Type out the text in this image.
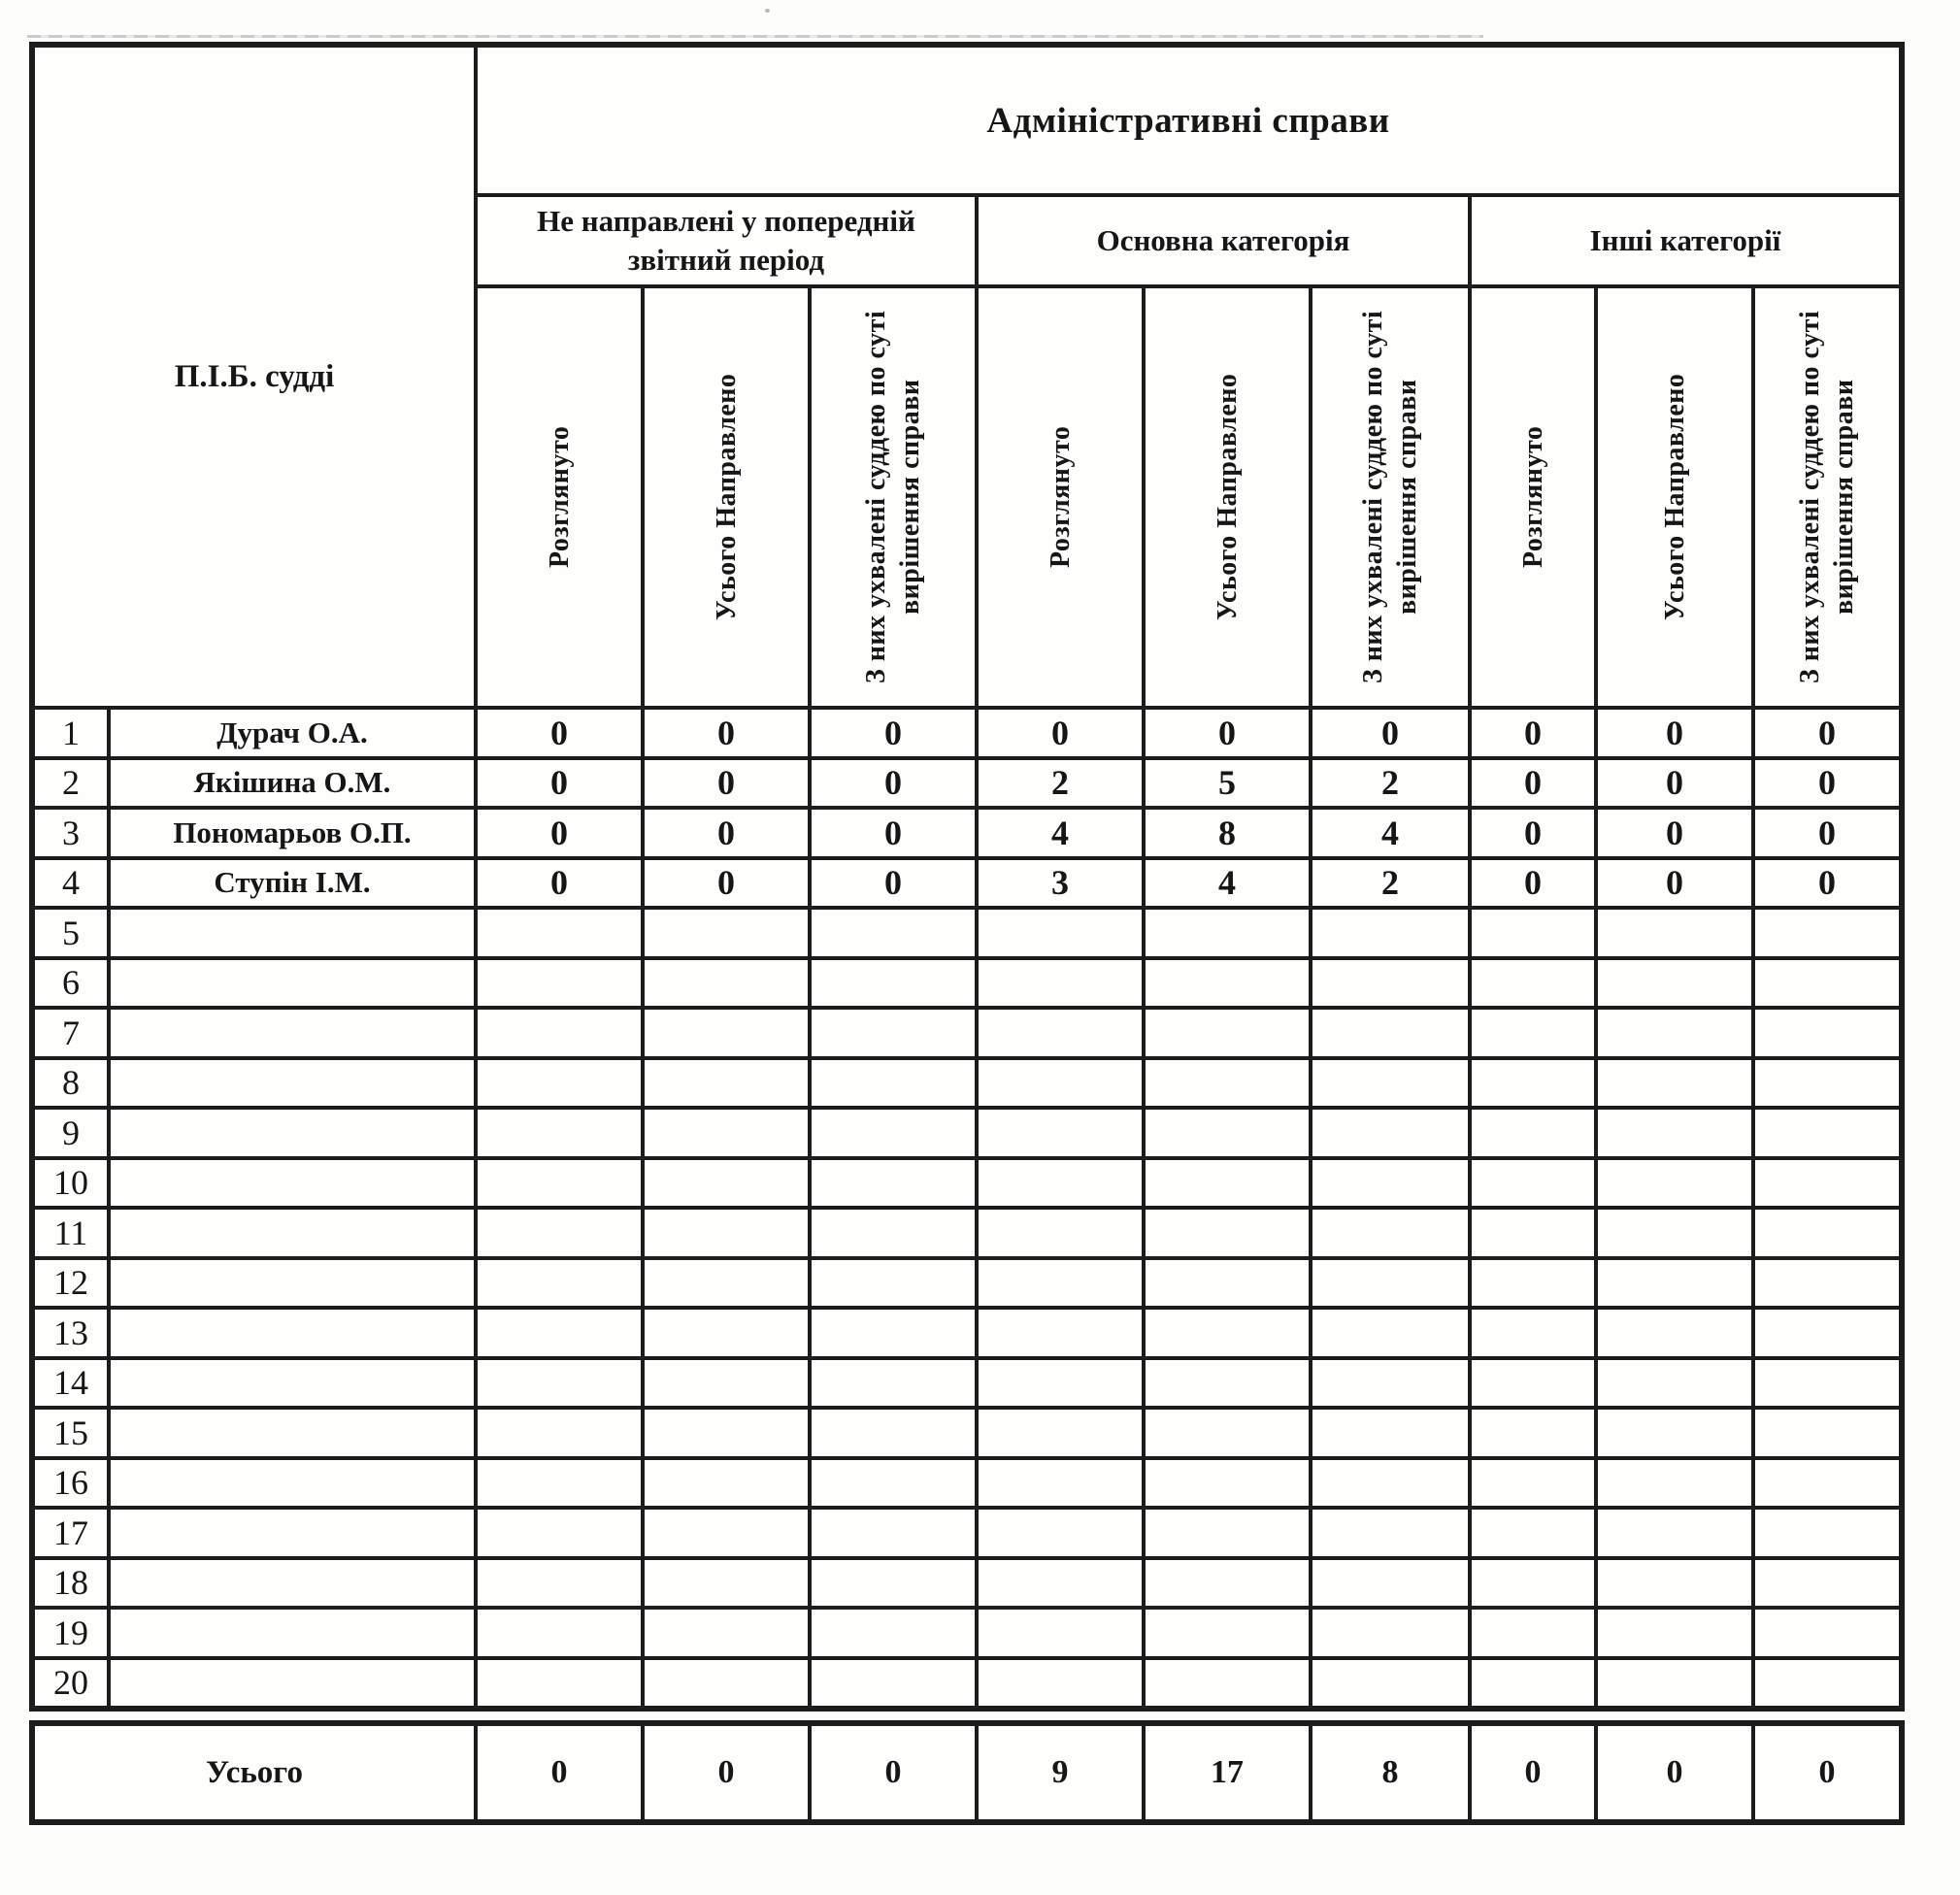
П.І.Б. судді
Адміністративні справи
Не направлені у попередній звітний період
Основна категорія	Інші категорії
Розглянуто	Усього Направлено	З них ухвалені суддею по суті вирішення справи	Розглянуто	Усього Направлено	З них ухвалені суддею по суті вирішення справи	Розглянуто	Усього Направлено	З них ухвалені суддею по суті вирішення справи
1	Дурач О.А.	0	0	0	0	0	0	0	0	0
2	Якішина О.М.	0	0	0	2	5	2	0	0	0
3	Пономарьов О.П.	0	0	0	4	8	4	0	0	0
4	Ступін І.М.	0	0	0	3	4	2	0	0	0
5
6
7
8
9
10
11
12
13
14
15
16
17
18
19
20
Усього	0	0	0	9	17	8	0	0	0
